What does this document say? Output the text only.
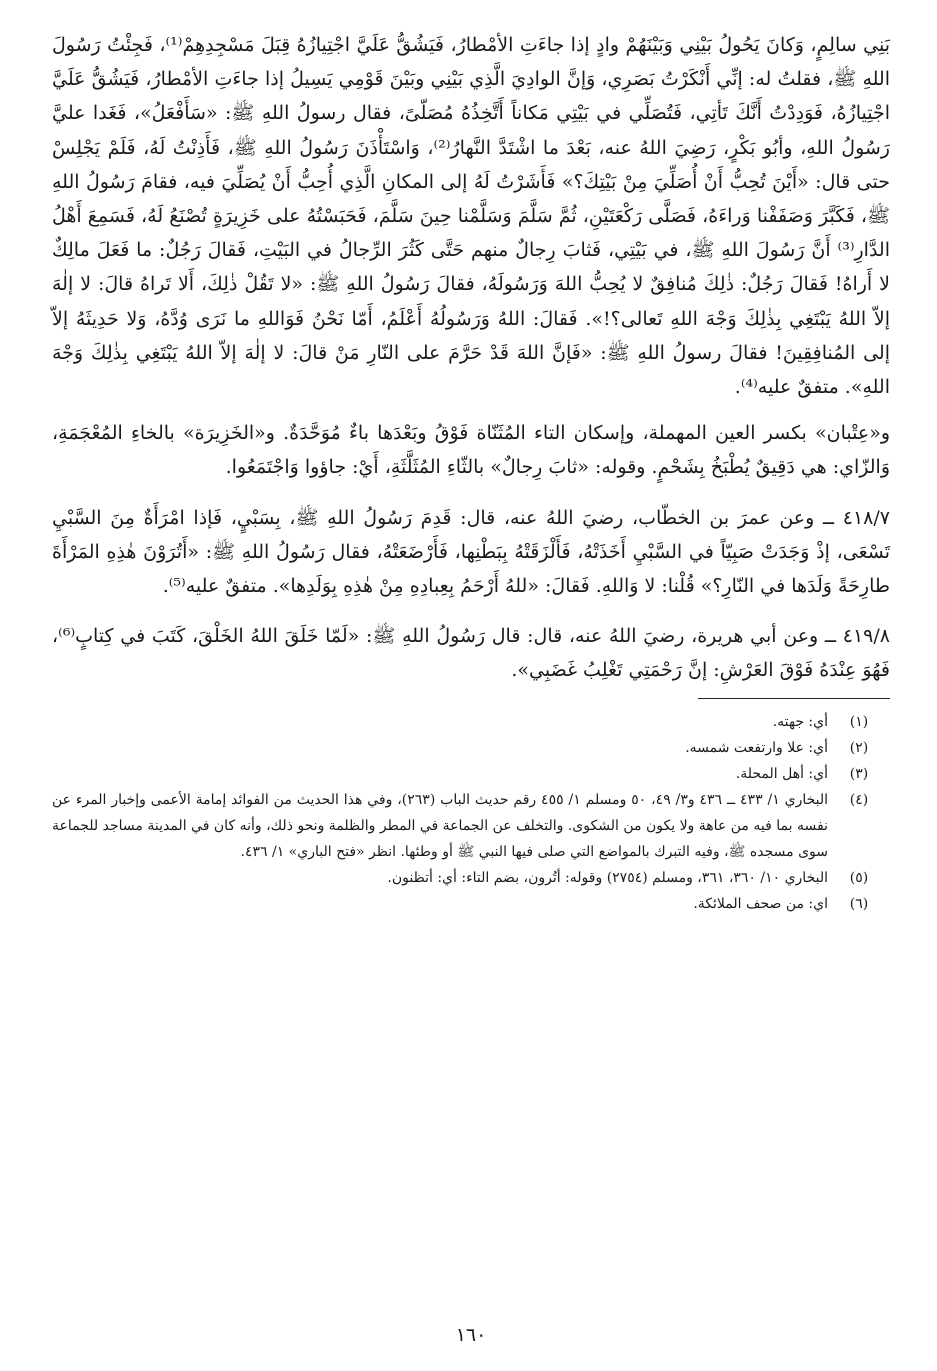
بَنِي سالِمٍ، وَكانَ يَحُولُ بَيْنِي وَبَيْنَهُمْ وادٍ إذا جاءَتِ الأمْطارُ، فَيَشُقُّ عَلَيَّ اجْتِيازُهُ قِبَلَ مَسْجِدِهِمْ⁽¹⁾، فَجِئْتُ رَسُولَ اللهِ ﷺ، فقلتُ له: إنِّي أَنْكَرْتُ بَصَرِي، وَإنَّ الوادِيَ الَّذِي بَيْنِي وبَيْنَ قَوْمِي يَسِيلُ إذا جاءَتِ الأمْطارُ، فَيَشُقُّ عَلَيَّ اجْتِيازُهُ، فَوَدِدْتُ أَنَّكَ تَأتِي، فَتُصَلِّي في بَيْتِي مَكاناً أَتَّخِذُهُ مُصَلّىً، فقال رسولُ اللهِ ﷺ: «سَأَفْعَلُ»، فَغَدا عليَّ رَسُولُ اللهِ، وأبُو بَكْرٍ، رَضِيَ اللهُ عنه، بَعْدَ ما اشْتَدَّ النَّهارُ⁽²⁾، وَاسْتَأْذَنَ رَسُولُ اللهِ ﷺ، فَأَذِنْتُ لَهُ، فَلَمْ يَجْلِسْ حتى قال: «أَيْنَ تُحِبُّ أَنْ أُصَلِّيَ مِنْ بَيْتِكَ؟» فَأَشَرْتُ لَهُ إلى المكانِ الَّذِي أُحِبُّ أَنْ يُصَلِّيَ فيه، فقامَ رَسُولُ اللهِ ﷺ، فَكَبَّرَ وَصَفَفْنا وَراءَهُ، فَصَلَّى رَكْعَتَيْنِ، ثُمَّ سَلَّمَ وَسَلَّمْنا حِينَ سَلَّمَ، فَحَبَسْتُهُ على خَزِيرَةٍ تُصْنَعُ لَهُ، فَسَمِعَ أَهْلُ الدَّارِ⁽³⁾ أَنَّ رَسُولَ اللهِ ﷺ، في بَيْتِي، فَثابَ رِجالٌ منهم حَتَّى كَثُرَ الرِّجالُ في البَيْتِ، فَقالَ رَجُلٌ: ما فَعَلَ مالِكٌ لا أَراهُ! فَقالَ رَجُلٌ: ذٰلِكَ مُنافِقٌ لا يُحِبُّ اللهَ وَرَسُولَهُ، فقالَ رَسُولُ اللهِ ﷺ: «لا تَقُلْ ذٰلِكَ، أَلا تَراهُ قالَ: لا إلٰهَ إلاّ اللهُ يَبْتَغِي بِذٰلِكَ وَجْهَ اللهِ تَعالى؟!». فَقالَ: اللهُ وَرَسُولُهُ أَعْلَمُ، أَمّا نَحْنُ فَوَاللهِ ما نَرَى وُدَّهُ، وَلا حَدِيثَهُ إلاّ إلى المُنافِقِينَ! فقالَ رسولُ اللهِ ﷺ: «فَإنَّ اللهَ قَدْ حَرَّمَ على النّارِ مَنْ قالَ: لا إلٰهَ إلاّ اللهُ يَبْتَغِي بِذٰلِكَ وَجْهَ اللهِ». متفقٌ عليه⁽⁴⁾.

و«عِتْبان» بكسر العين المهملة، وإسكان التاء المُثَنّاة فَوْقُ وبَعْدَها باءٌ مُوَحَّدَةٌ. و«الخَزِيرَة» بالخاءِ المُعْجَمَةِ، وَالزّاي: هي دَقِيقٌ يُطْبَخُ بِشَحْمٍ. وقوله: «ثابَ رِجالٌ» بالثّاءِ المُثَلَّثَةِ، أَيْ: جاؤوا وَاجْتَمَعُوا.

٤١٨/٧ ــ وعن عمرَ بن الخطّاب، رضيَ اللهُ عنه، قال: قَدِمَ رَسُولُ اللهِ ﷺ، بِسَبْيٍ، فَإذا امْرَأَةٌ مِنَ السَّبْيِ تَسْعَى، إذْ وَجَدَتْ صَبِيّاً في السَّبْيِ أَخَذَتْهُ، فَأَلْزَقَتْهُ بِبَطْنِها، فَأَرْضَعَتْهُ، فقال رَسُولُ اللهِ ﷺ: «أَتُرَوْنَ هٰذِهِ المَرْأَةَ طارِحَةً وَلَدَها في النّارِ؟» قُلْنا: لا وَاللهِ. فَقالَ: «للهُ أَرْحَمُ بِعِبادِهِ مِنْ هٰذِهِ بِوَلَدِها». متفقٌ عليه⁽⁵⁾.

٤١٩/٨ ــ وعن أبي هريرة، رضيَ اللهُ عنه، قال: قال رَسُولُ اللهِ ﷺ: «لَمّا خَلَقَ اللهُ الخَلْقَ، كَتَبَ في كِتابٍ⁽⁶⁾، فَهُوَ عِنْدَهُ فَوْقَ العَرْشِ: إنَّ رَحْمَتِي تَغْلِبُ غَضَبِي».

(١)
أي: جهته.
(٢)
أي: علا وارتفعت شمسه.
(٣)
أي: أهل المحلة.
(٤)
البخاري ١/ ٤٣٣ ــ ٤٣٦ و٣/ ٤٩، ٥٠ ومسلم ١/ ٤٥٥ رقم حديث الباب (٢٦٣)، وفي هذا الحديث من الفوائد إمامة الأعمى وإخبار المرء عن نفسه بما فيه من عاهة ولا يكون من الشكوى. والتخلف عن الجماعة في المطر والظلمة ونحو ذلك، وأنه كان في المدينة مساجد للجماعة سوى مسجده ﷺ، وفيه التبرك بالمواضع التي صلى فيها النبي ﷺ أو وطئها. انظر «فتح الباري» ١/ ٤٣٦.
(٥)
البخاري ١٠/ ٣٦٠، ٣٦١، ومسلم (٢٧٥٤) وقوله: أتُرون، بضم التاء: أي: أتظنون.
(٦)
اي: من صحف الملائكة.
١٦٠
